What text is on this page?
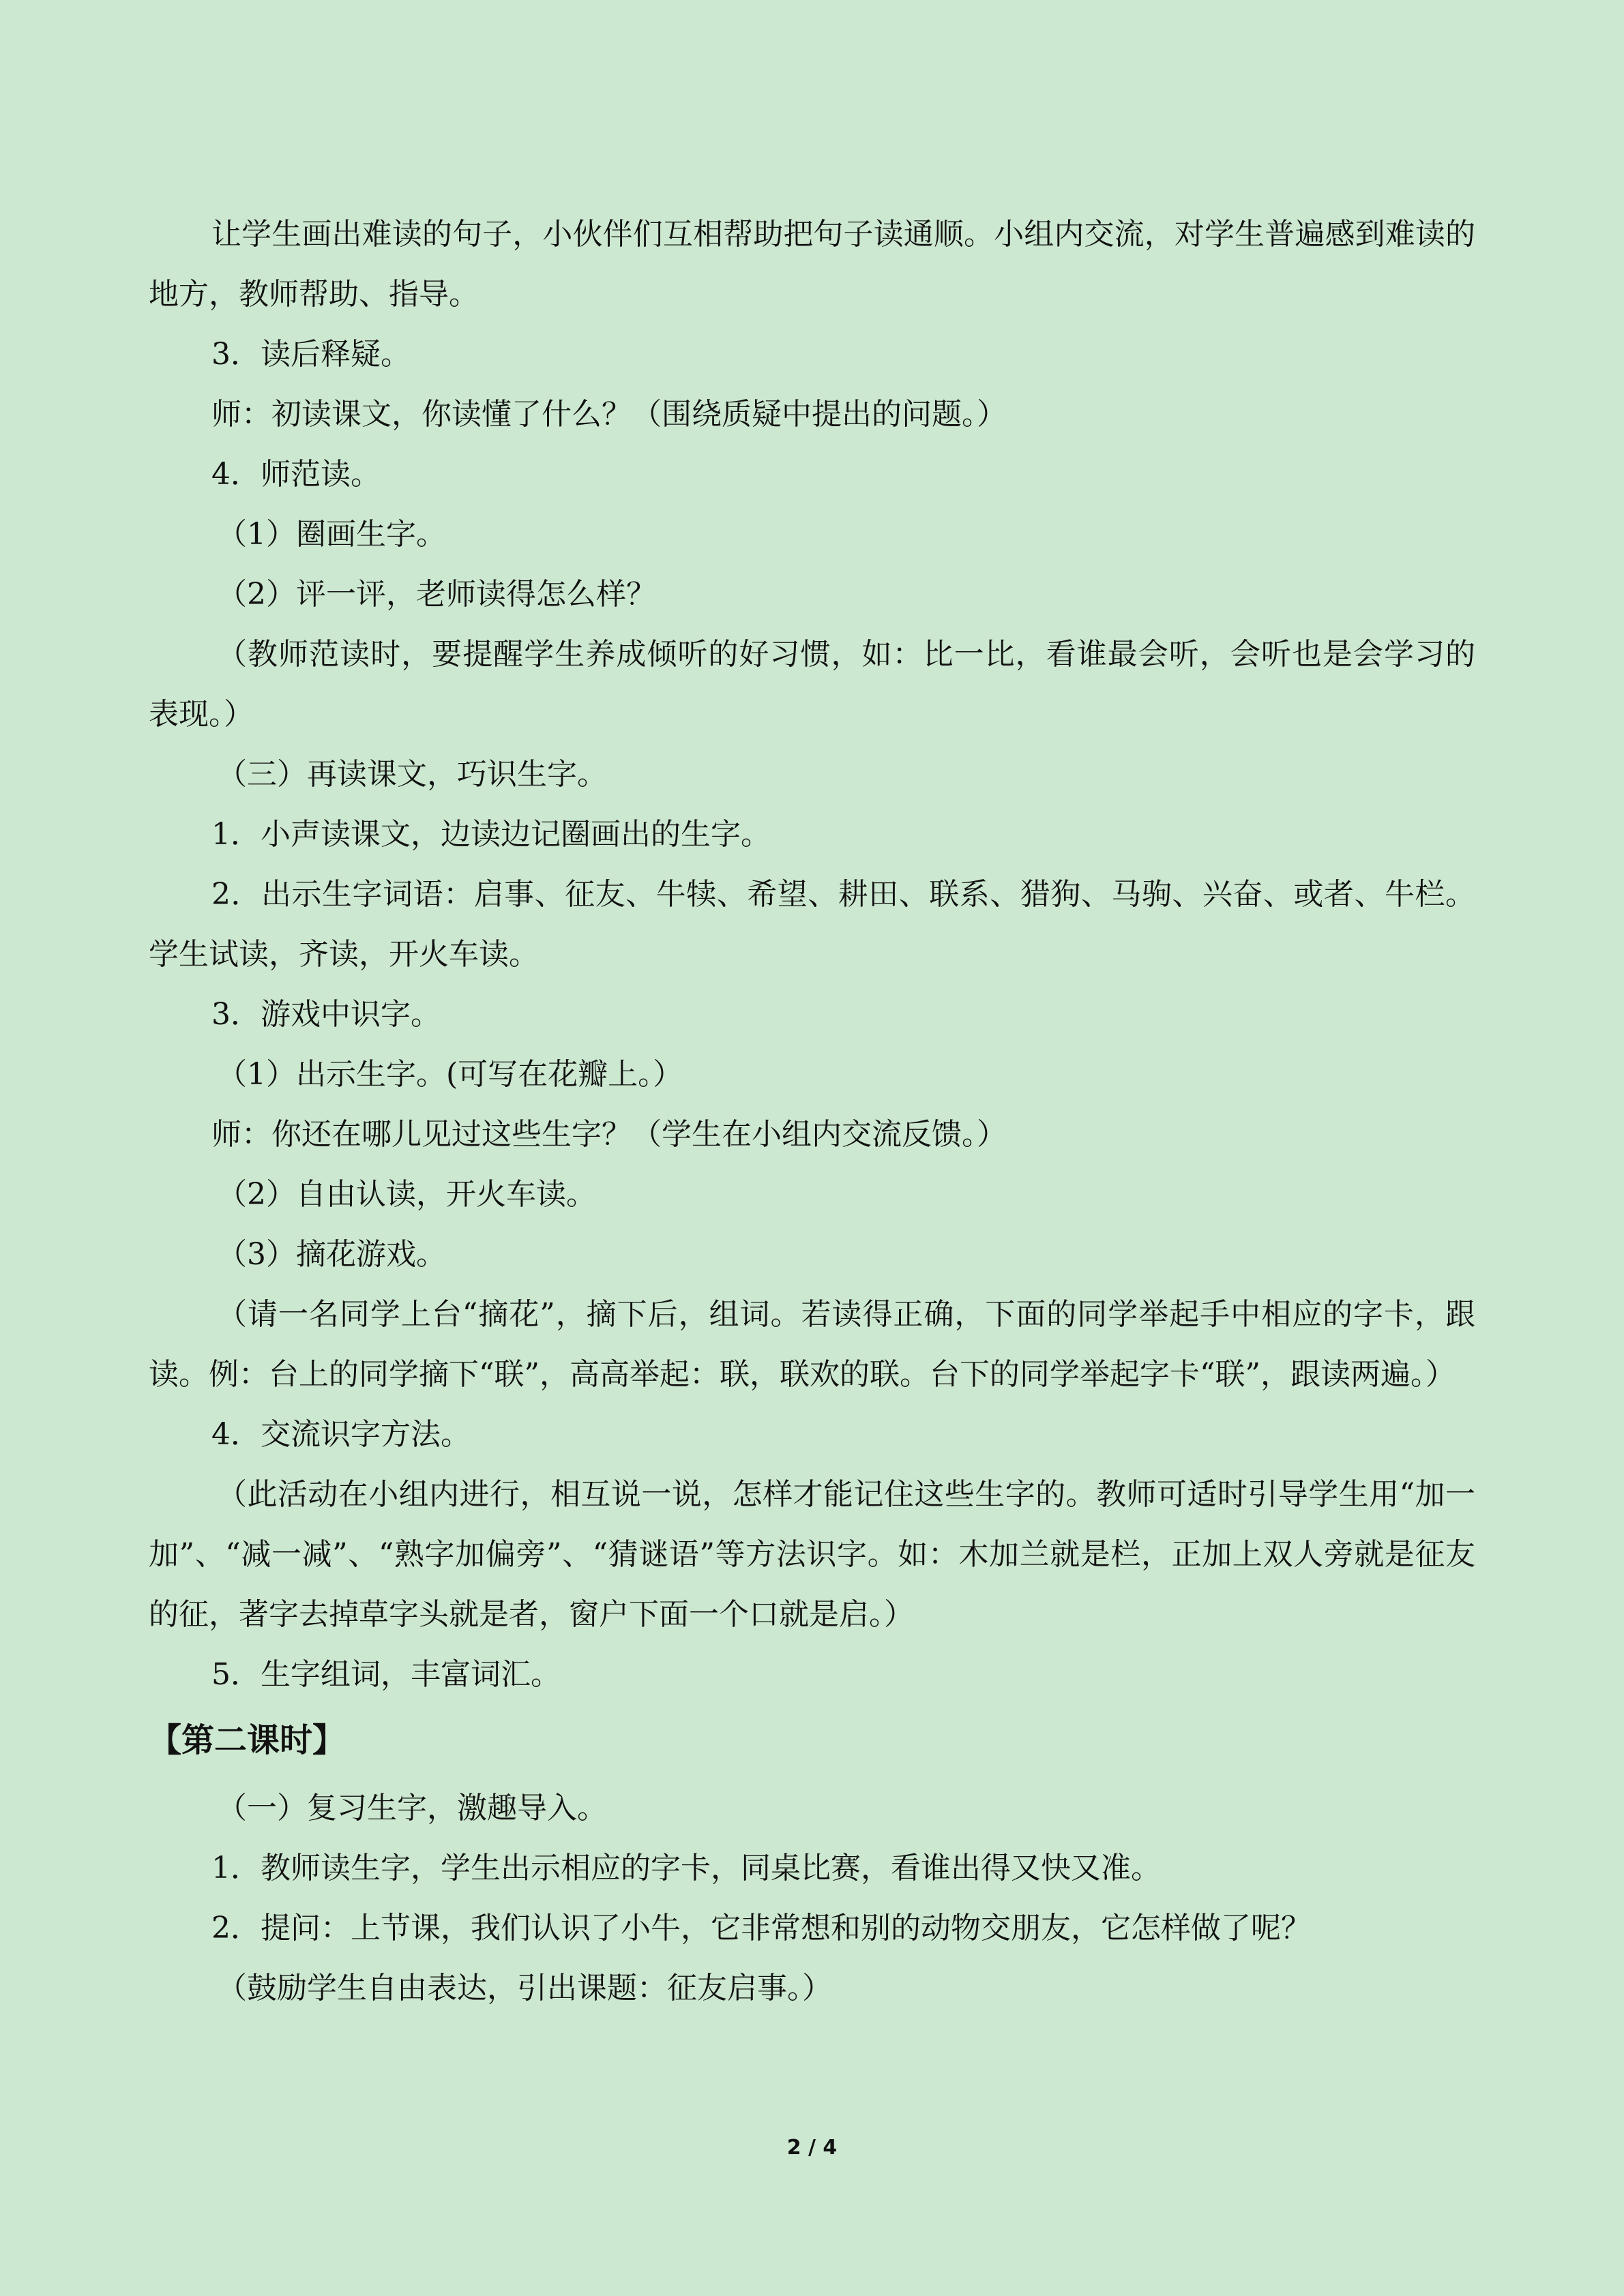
让学生画出难读的句子，小伙伴们互相帮助把句子读通顺。小组内交流，对学生普遍感到难读的地方，教师帮助、指导。

3．读后释疑。

师：初读课文，你读懂了什么？（围绕质疑中提出的问题。）

4．师范读。

（1）圈画生字。

（2）评一评，老师读得怎么样？

（教师范读时，要提醒学生养成倾听的好习惯，如：比一比，看谁最会听，会听也是会学习的表现。）

（三）再读课文，巧识生字。

1．小声读课文，边读边记圈画出的生字。

2．出示生字词语：启事、征友、牛犊、希望、耕田、联系、猎狗、马驹、兴奋、或者、牛栏。学生试读，齐读，开火车读。

3．游戏中识字。

（1）出示生字。(可写在花瓣上。）

师：你还在哪儿见过这些生字？（学生在小组内交流反馈。）

（2）自由认读，开火车读。

（3）摘花游戏。

（请一名同学上台“摘花”，摘下后，组词。若读得正确，下面的同学举起手中相应的字卡，跟读。例：台上的同学摘下“联”，高高举起：联，联欢的联。台下的同学举起字卡“联”，跟读两遍。）

4．交流识字方法。

（此活动在小组内进行，相互说一说，怎样才能记住这些生字的。教师可适时引导学生用“加一加”、“减一减”、“熟字加偏旁”、“猜谜语”等方法识字。如：木加兰就是栏，正加上双人旁就是征友的征，著字去掉草字头就是者，窗户下面一个口就是启。）

5．生字组词，丰富词汇。

【第二课时】

（一）复习生字，激趣导入。

1．教师读生字，学生出示相应的字卡，同桌比赛，看谁出得又快又准。

2．提问：上节课，我们认识了小牛，它非常想和别的动物交朋友，它怎样做了呢？

（鼓励学生自由表达，引出课题：征友启事。）

2 / 4
